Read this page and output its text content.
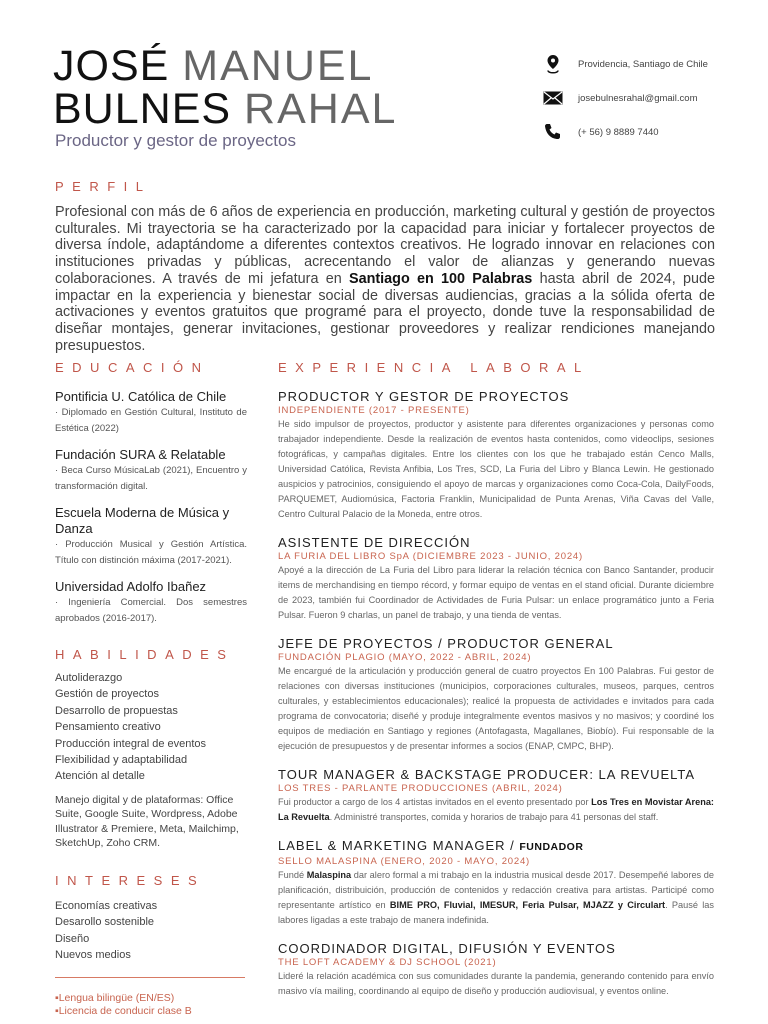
JOSÉ MANUEL
BULNES RAHAL
Productor y gestor de proyectos
Providencia, Santiago de Chile
josebulnesrahal@gmail.com
(+ 56) 9 8889 7440
PERFIL
Profesional con más de 6 años de experiencia en producción, marketing cultural y gestión de proyectos culturales. Mi trayectoria se ha caracterizado por la capacidad para iniciar y fortalecer proyectos de diversa índole, adaptándome a diferentes contextos creativos. He logrado innovar en relaciones con instituciones privadas y públicas, acrecentando el valor de alianzas y generando nuevas colaboraciones. A través de mi jefatura en Santiago en 100 Palabras hasta abril de 2024, pude impactar en la experiencia y bienestar social de diversas audiencias, gracias a la sólida oferta de activaciones y eventos gratuitos que programé para el proyecto, donde tuve la responsabilidad de diseñar montajes, generar invitaciones, gestionar proveedores y realizar rendiciones manejando presupuestos.
EDUCACIÓN
Pontificia U. Católica de Chile
· Diplomado en Gestión Cultural, Instituto de Estética (2022)
Fundación SURA & Relatable
· Beca Curso MúsicaLab (2021), Encuentro y transformación digital.
Escuela Moderna de Música y Danza
· Producción Musical y Gestión Artística. Título con distinción máxima (2017-2021).
Universidad Adolfo Ibañez
· Ingeniería Comercial. Dos semestres aprobados (2016-2017).
HABILIDADES
Autoliderazgo
Gestión de proyectos
Desarrollo de propuestas
Pensamiento creativo
Producción integral de eventos
Flexibilidad y adaptabilidad
Atención al detalle
Manejo digital y de plataformas: Office Suite, Google Suite, Wordpress, Adobe Illustrator & Premiere, Meta, Mailchimp, SketchUp, Zoho CRM.
INTERESES
Economías creativas
Desarollo sostenible
Diseño
Nuevos medios
▪Lengua bilingüe (EN/ES)
▪Licencia de conducir clase B
EXPERIENCIA LABORAL
PRODUCTOR Y GESTOR DE PROYECTOS
INDEPENDIENTE (2017 - PRESENTE)
He sido impulsor de proyectos, productor y asistente para diferentes organizaciones y personas como trabajador independiente. Desde la realización de eventos hasta contenidos, como videoclips, sesiones fotográficas, y campañas digitales. Entre los clientes con los que he trabajado están Cenco Malls, Universidad Católica, Revista Anfibia, Los Tres, SCD, La Furia del Libro y Blanca Lewin. He gestionado auspicios y patrocinios, consiguiendo el apoyo de marcas y organizaciones como Coca-Cola, DailyFoods, PARQUEMET, Audiomúsica, Factoria Franklin, Municipalidad de Punta Arenas, Viña Cavas del Valle, Centro Cultural Palacio de la Moneda, entre otros.
ASISTENTE DE DIRECCIÓN
LA FURIA DEL LIBRO SpA (DICIEMBRE 2023 - JUNIO, 2024)
Apoyé a la dirección de La Furia del Libro para liderar la relación técnica con Banco Santander, producir items de merchandising en tiempo récord, y formar equipo de ventas en el stand oficial. Durante diciembre de 2023, también fui Coordinador de Actividades de Furia Pulsar: un enlace programático junto a Feria Pulsar. Fueron 9 charlas, un panel de trabajo, y una tienda de ventas.
JEFE DE PROYECTOS / PRODUCTOR GENERAL
FUNDACIÓN PLAGIO (MAYO, 2022 - ABRIL, 2024)
Me encargué de la articulación y producción general de cuatro proyectos En 100 Palabras. Fui gestor de relaciones con diversas instituciones (municipios, corporaciones culturales, museos, parques, centros culturales, y establecimientos educacionales); realicé la propuesta de actividades e invitados para cada programa de convocatoria; diseñé y produje integralmente eventos masivos y no masivos; y coordiné los equipos de mediación en Santiago y regiones (Antofagasta, Magallanes, Biobío). Fui responsable de la ejecución de presupuestos y de presentar informes a socios (ENAP, CMPC, BHP).
TOUR MANAGER & BACKSTAGE PRODUCER: LA REVUELTA
LOS TRES - PARLANTE PRODUCCIONES (ABRIL, 2024)
Fui productor a cargo de los 4 artistas invitados en el evento presentado por Los Tres en Movistar Arena: La Revuelta. Administré transportes, comida y horarios de trabajo para 41 personas del staff.
LABEL & MARKETING MANAGER / FUNDADOR
SELLO MALASPINA (ENERO, 2020 - MAYO, 2024)
Fundé Malaspina dar alero formal a mi trabajo en la industria musical desde 2017. Desempeñé labores de planificación, distribuición, producción de contenidos y redacción creativa para artistas. Participé como representante artístico en BIME PRO, Fluvial, IMESUR, Feria Pulsar, MJAZZ y Circulart. Pausé las labores ligadas a este trabajo de manera indefinida.
COORDINADOR DIGITAL, DIFUSIÓN Y EVENTOS
THE LOFT ACADEMY & DJ SCHOOL (2021)
Lideré la relación académica con sus comunidades durante la pandemia, generando contenido para envío masivo vía mailing, coordinando al equipo de diseño y producción audiovisual, y eventos online.
